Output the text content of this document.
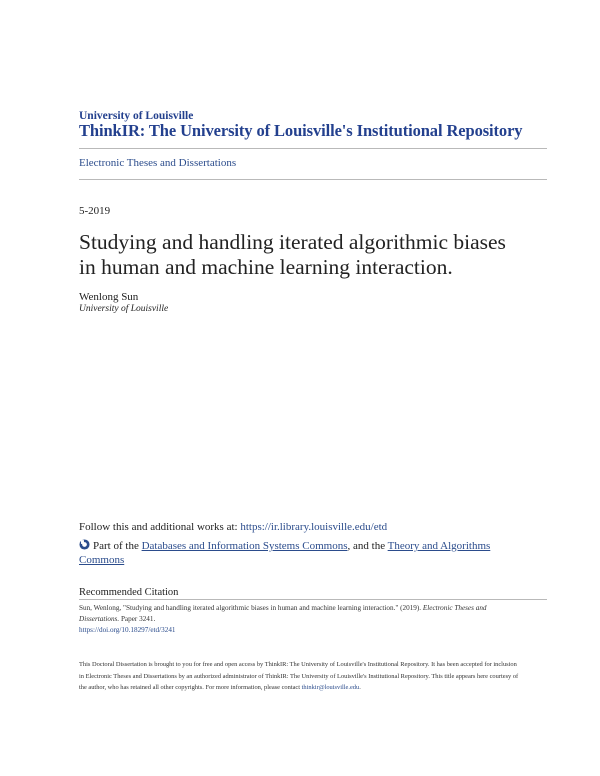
University of Louisville
ThinkIR: The University of Louisville's Institutional Repository
Electronic Theses and Dissertations
5-2019
Studying and handling iterated algorithmic biases
in human and machine learning interaction.
Wenlong Sun
University of Louisville
Follow this and additional works at: https://ir.library.louisville.edu/etd
Part of the Databases and Information Systems Commons, and the Theory and Algorithms Commons
Recommended Citation
Sun, Wenlong, "Studying and handling iterated algorithmic biases in human and machine learning interaction." (2019). Electronic Theses and Dissertations. Paper 3241.
https://doi.org/10.18297/etd/3241
This Doctoral Dissertation is brought to you for free and open access by ThinkIR: The University of Louisville's Institutional Repository. It has been accepted for inclusion in Electronic Theses and Dissertations by an authorized administrator of ThinkIR: The University of Louisville's Institutional Repository. This title appears here courtesy of the author, who has retained all other copyrights. For more information, please contact thinkir@louisville.edu.
